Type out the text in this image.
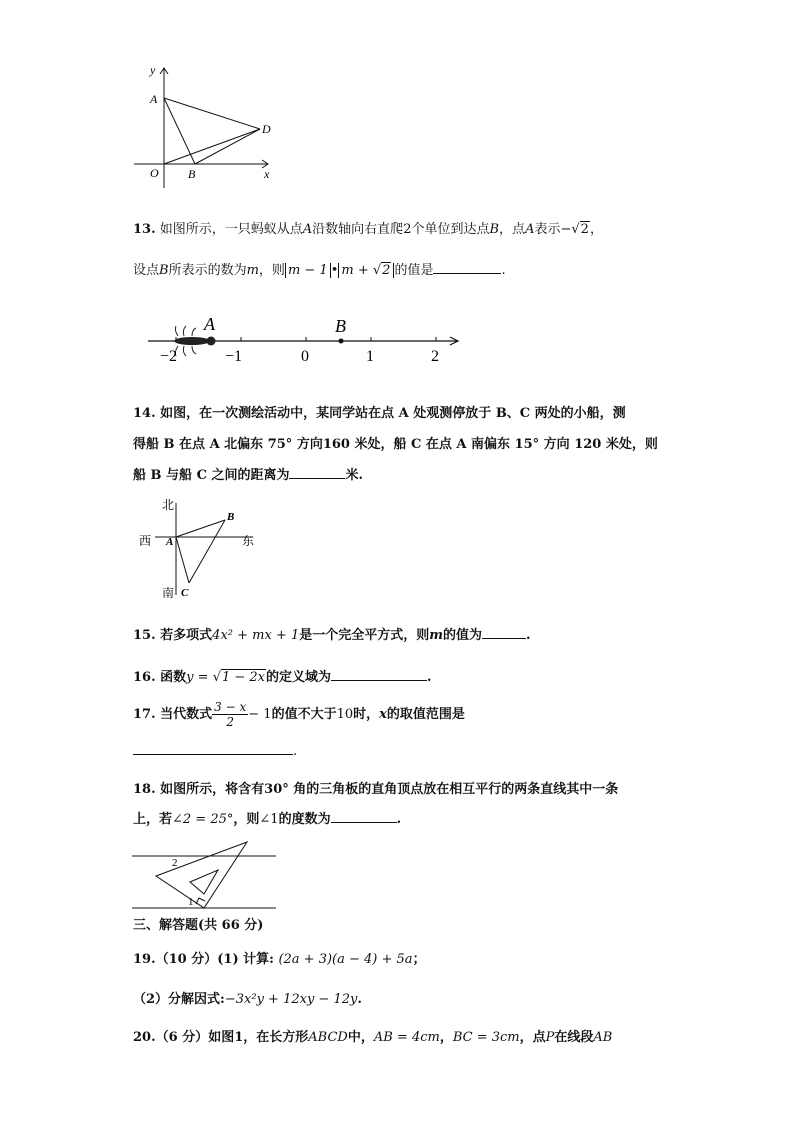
y
x
A
D
B
O
13. 如图所示，一只蚂蚁从点A沿数轴向右直爬2个单位到达点B，点A表示−√2，
设点B所表示的数为m，则 m − 1 • m + √2 的值是	.
A	B
−2	−1	0	1	2
14. 如图，在一次测绘活动中，某同学站在点 A 处观测停放于 B、C 两处的小船，测
得船 B 在点 A 北偏东 75° 方向160 米处，船 C 在点 A 南偏东 15° 方向 120 米处，则
船 B 与船 C 之间的距离为	米.
北
南
西	东
A
B
C
15. 若多项式4x² + mx + 1是一个完全平方式，则m的值为	.
16. 函数y = √1 − 2x的定义域为	.
17. 当代数式 $\frac{3 - x}{2} - 1$的值不大于10时，x的取值范围是
.
18. 如图所示，将含有30° 角的三角板的直角顶点放在相互平行的两条直线其中一条
上，若∠2 = 25°，则∠1的度数为	.
2
1
三、解答题(共 66 分)
19.（10 分）(1) 计算: (2a + 3)(a − 4) + 5a；
（2）分解因式:−3x²y + 12xy − 12y.
20.（6 分）如图1，在长方形ABCD中，AB = 4cm，BC = 3cm，点P在线段AB
